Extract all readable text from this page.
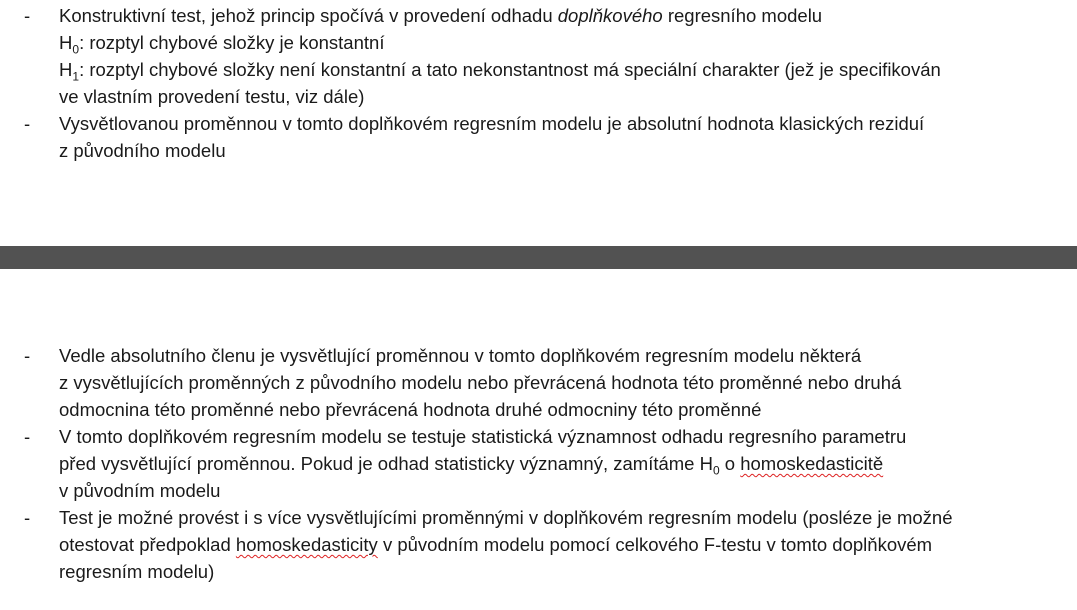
- Konstruktivní test, jehož princip spočívá v provedení odhadu doplňkového regresního modelu
$H_0$: rozptyl chybové složky je konstantní
$H_1$: rozptyl chybové složky není konstantní a tato nekonstantnost má speciální charakter (jež je specifikován
ve vlastním provedení testu, viz dále)
- Vysvětlovanou proměnnou v tomto doplňkovém regresním modelu je absolutní hodnota klasických reziduí
z původního modelu
- Vedle absolutního členu je vysvětlující proměnnou v tomto doplňkovém regresním modelu některá
z vysvětlujících proměnných z původního modelu nebo převrácená hodnota této proměnné nebo druhá
odmocnina této proměnné nebo převrácená hodnota druhé odmocniny této proměnné
- V tomto doplňkovém regresním modelu se testuje statistická významnost odhadu regresního parametru
před vysvětlující proměnnou. Pokud je odhad statisticky významný, zamítáme $H_0$ o homoskedasticitě
v původním modelu
- Test je možné provést i s více vysvětlujícími proměnnými v doplňkovém regresním modelu (posléze je možné
otestovat předpoklad homoskedasticity v původním modelu pomocí celkového F-testu v tomto doplňkovém
regresním modelu)
